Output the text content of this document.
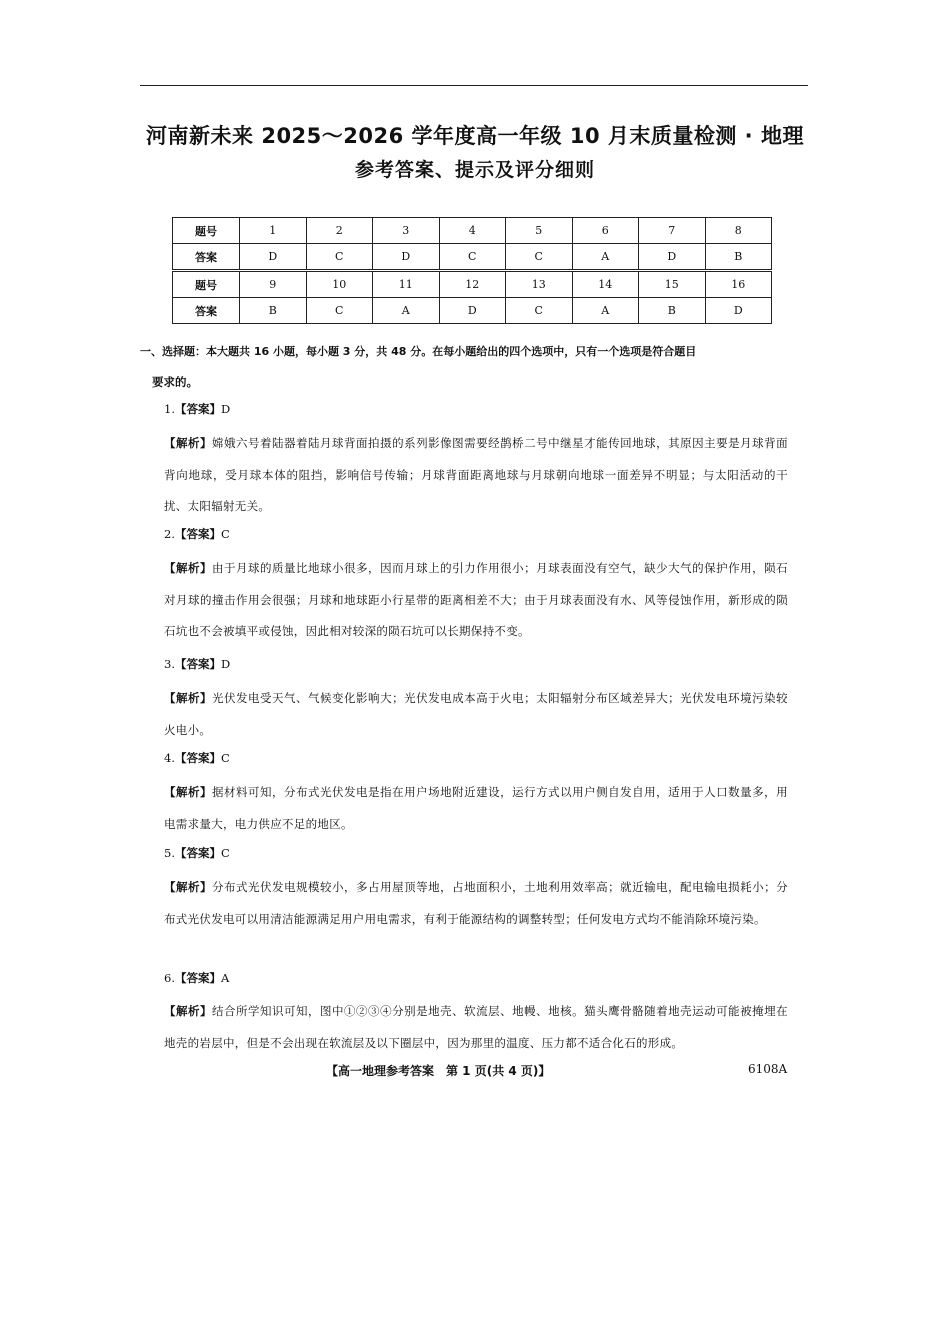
河南新未来 2025～2026 学年度高一年级 10 月末质量检测 · 地理
参考答案、提示及评分细则
题号	1	2	3	4	5	6	7	8
答案	D	C	D	C	C	A	D	B
题号	9	10	11	12	13	14	15	16
答案	B	C	A	D	C	A	B	D
一、选择题：本大题共 16 小题，每小题 3 分，共 48 分。在每小题给出的四个选项中，只有一个选项是符合题目
要求的。
1.【答案】D
【解析】嫦娥六号着陆器着陆月球背面拍摄的系列影像图需要经鹊桥二号中继星才能传回地球，其原因主要是月球背面背向地球，受月球本体的阻挡，影响信号传输；月球背面距离地球与月球朝向地球一面差异不明显；与太阳活动的干扰、太阳辐射无关。
2.【答案】C
【解析】由于月球的质量比地球小很多，因而月球上的引力作用很小；月球表面没有空气，缺少大气的保护作用，陨石对月球的撞击作用会很强；月球和地球距小行星带的距离相差不大；由于月球表面没有水、风等侵蚀作用，新形成的陨石坑也不会被填平或侵蚀，因此相对较深的陨石坑可以长期保持不变。
3.【答案】D
【解析】光伏发电受天气、气候变化影响大；光伏发电成本高于火电；太阳辐射分布区域差异大；光伏发电环境污染较火电小。
4.【答案】C
【解析】据材料可知，分布式光伏发电是指在用户场地附近建设，运行方式以用户侧自发自用，适用于人口数量多，用电需求量大，电力供应不足的地区。
5.【答案】C
【解析】分布式光伏发电规模较小，多占用屋顶等地，占地面积小，土地利用效率高；就近输电，配电输电损耗小；分布式光伏发电可以用清洁能源满足用户用电需求，有利于能源结构的调整转型；任何发电方式均不能消除环境污染。
6.【答案】A
【解析】结合所学知识可知，图中①②③④分别是地壳、软流层、地幔、地核。猫头鹰骨骼随着地壳运动可能被掩埋在地壳的岩层中，但是不会出现在软流层及以下圈层中，因为那里的温度、压力都不适合化石的形成。
【高一地理参考答案　第 1 页(共 4 页)】	6108A
